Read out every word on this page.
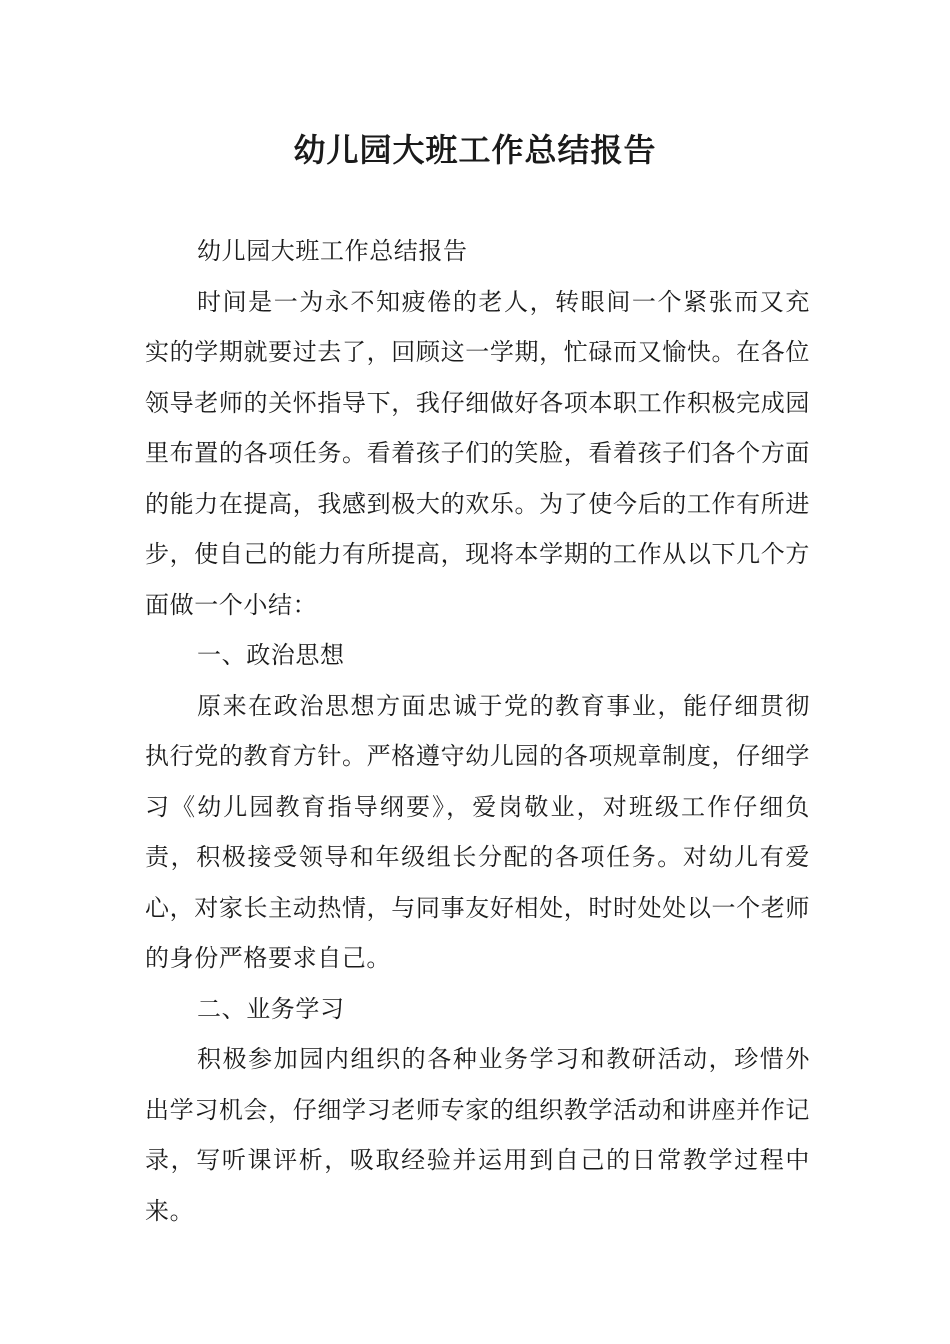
幼儿园大班工作总结报告

幼儿园大班工作总结报告

时间是一为永不知疲倦的老人，转眼间一个紧张而又充实的学期就要过去了，回顾这一学期，忙碌而又愉快。在各位领导老师的关怀指导下，我仔细做好各项本职工作积极完成园里布置的各项任务。看着孩子们的笑脸，看着孩子们各个方面的能力在提高，我感到极大的欢乐。为了使今后的工作有所进步，使自己的能力有所提高，现将本学期的工作从以下几个方面做一个小结：

一、政治思想

原来在政治思想方面忠诚于党的教育事业，能仔细贯彻执行党的教育方针。严格遵守幼儿园的各项规章制度，仔细学习《幼儿园教育指导纲要》，爱岗敬业，对班级工作仔细负责，积极接受领导和年级组长分配的各项任务。对幼儿有爱心，对家长主动热情，与同事友好相处，时时处处以一个老师的身份严格要求自己。

二、业务学习

积极参加园内组织的各种业务学习和教研活动，珍惜外出学习机会，仔细学习老师专家的组织教学活动和讲座并作记录，写听课评析，吸取经验并运用到自己的日常教学过程中来。
